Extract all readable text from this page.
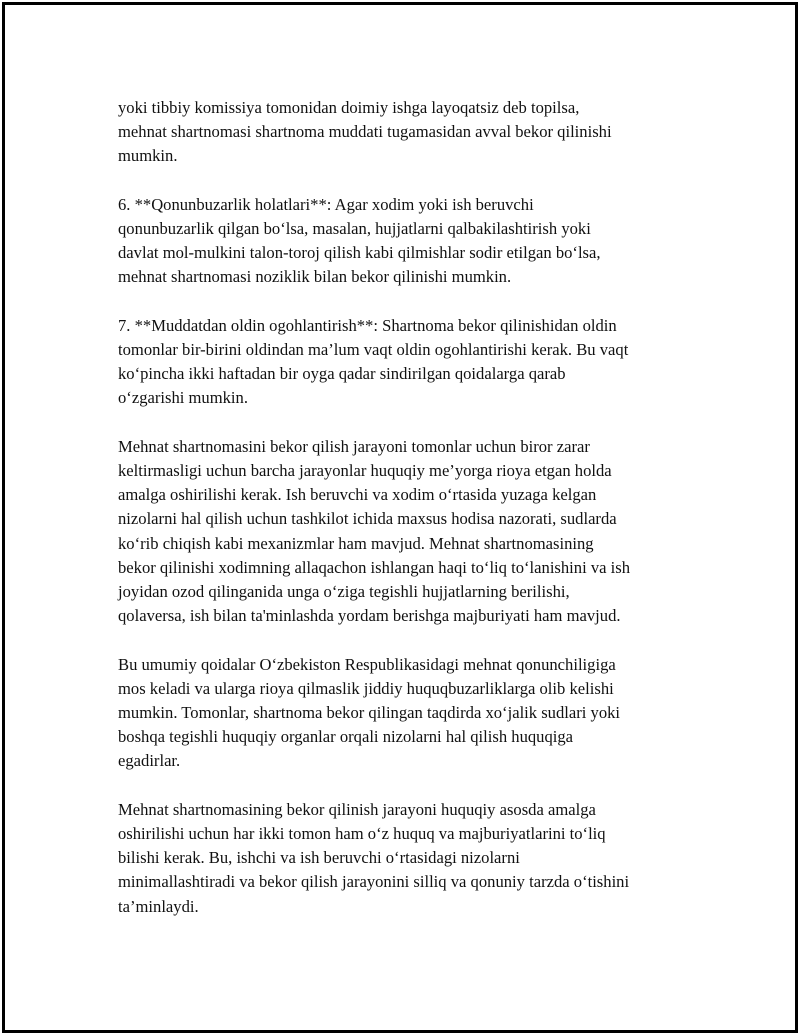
yoki tibbiy komissiya tomonidan doimiy ishga layoqatsiz deb topilsa,
mehnat shartnomasi shartnoma muddati tugamasidan avval bekor qilinishi
mumkin.

6. **Qonunbuzarlik holatlari**: Agar xodim yoki ish beruvchi
qonunbuzarlik qilgan bo‘lsa, masalan, hujjatlarni qalbakilashtirish yoki
davlat mol-mulkini talon-toroj qilish kabi qilmishlar sodir etilgan bo‘lsa,
mehnat shartnomasi noziklik bilan bekor qilinishi mumkin.

7. **Muddatdan oldin ogohlantirish**: Shartnoma bekor qilinishidan oldin
tomonlar bir-birini oldindan ma’lum vaqt oldin ogohlantirishi kerak. Bu vaqt
ko‘pincha ikki haftadan bir oyga qadar sindirilgan qoidalarga qarab
o‘zgarishi mumkin.

Mehnat shartnomasini bekor qilish jarayoni tomonlar uchun biror zarar
keltirmasligi uchun barcha jarayonlar huquqiy me’yorga rioya etgan holda
amalga oshirilishi kerak. Ish beruvchi va xodim o‘rtasida yuzaga kelgan
nizolarni hal qilish uchun tashkilot ichida maxsus hodisa nazorati, sudlarda
ko‘rib chiqish kabi mexanizmlar ham mavjud. Mehnat shartnomasining
bekor qilinishi xodimning allaqachon ishlangan haqi to‘liq to‘lanishini va ish
joyidan ozod qilinganida unga o‘ziga tegishli hujjatlarning berilishi,
qolaversa, ish bilan ta'minlashda yordam berishga majburiyati ham mavjud.

Bu umumiy qoidalar O‘zbekiston Respublikasidagi mehnat qonunchiligiga
mos keladi va ularga rioya qilmaslik jiddiy huquqbuzarliklarga olib kelishi
mumkin. Tomonlar, shartnoma bekor qilingan taqdirda xo‘jalik sudlari yoki
boshqa tegishli huquqiy organlar orqali nizolarni hal qilish huquqiga
egadirlar.

Mehnat shartnomasining bekor qilinish jarayoni huquqiy asosda amalga
oshirilishi uchun har ikki tomon ham o‘z huquq va majburiyatlarini to‘liq
bilishi kerak. Bu, ishchi va ish beruvchi o‘rtasidagi nizolarni
minimallashtiradi va bekor qilish jarayonini silliq va qonuniy tarzda o‘tishini
ta’minlaydi.
